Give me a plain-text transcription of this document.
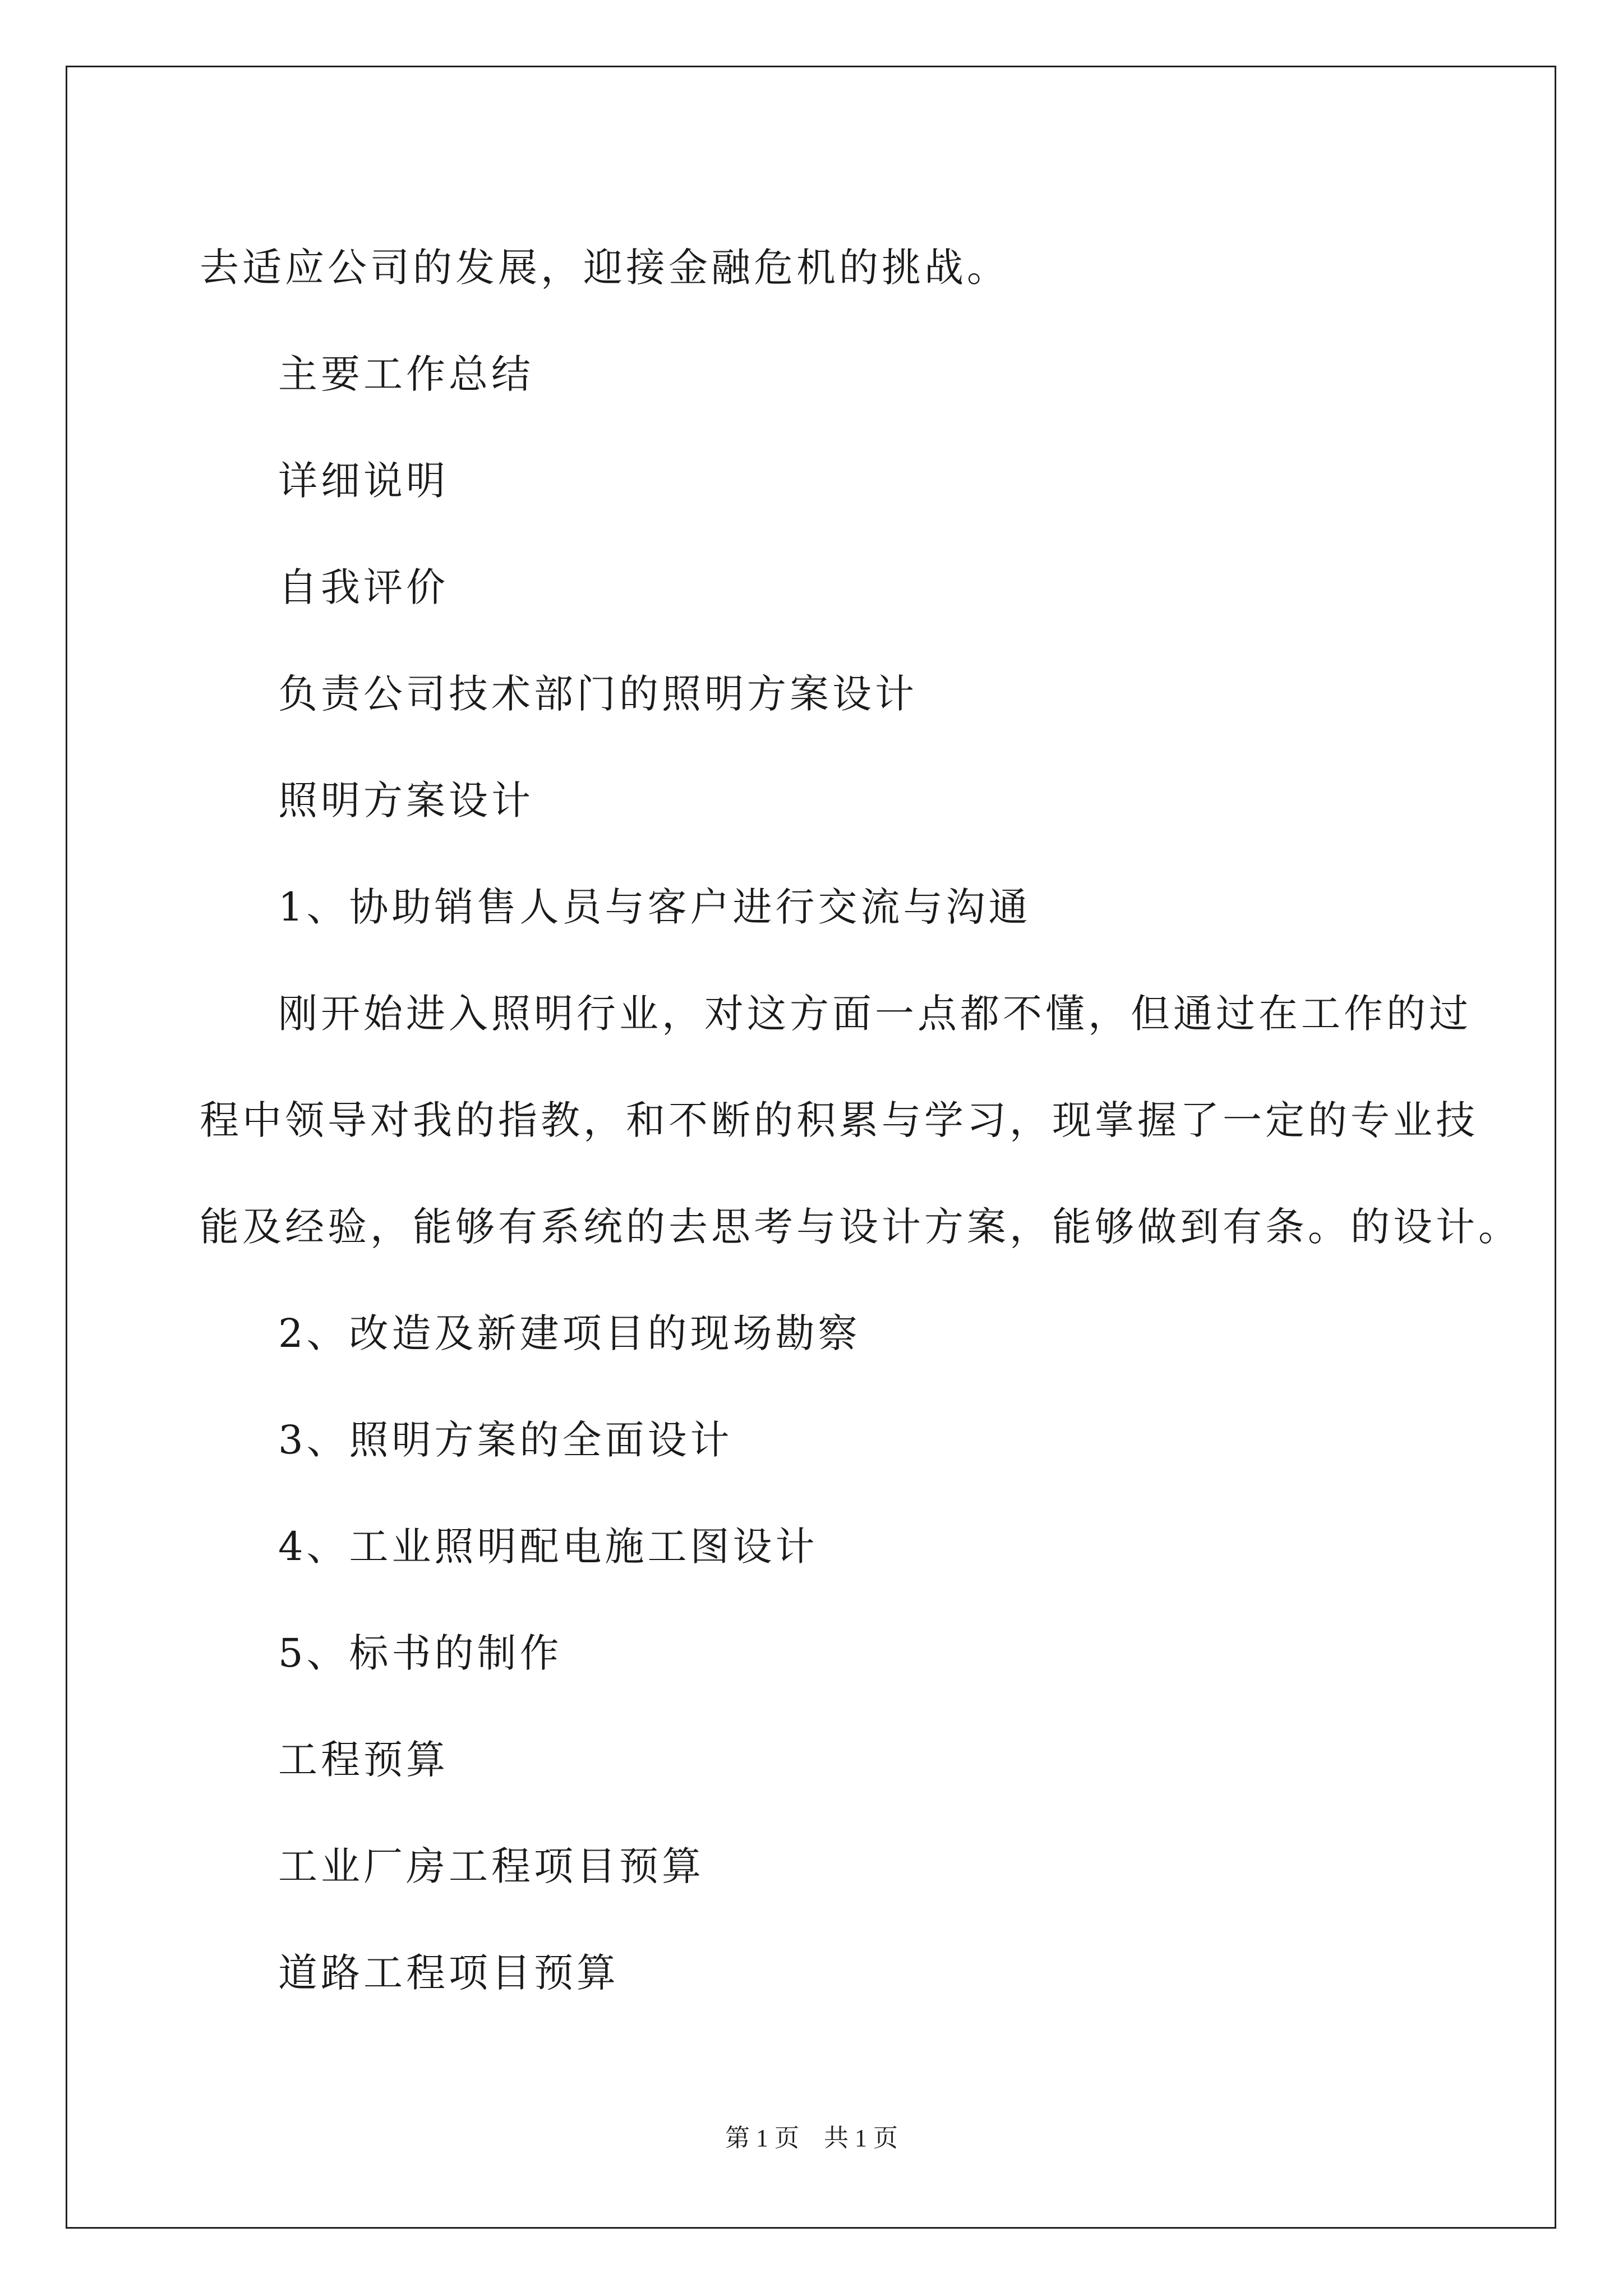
去适应公司的发展，迎接金融危机的挑战。
主要工作总结
详细说明
自我评价
负责公司技术部门的照明方案设计
照明方案设计
1、协助销售人员与客户进行交流与沟通
刚开始进入照明行业，对这方面一点都不懂，但通过在工作的过
程中领导对我的指教，和不断的积累与学习，现掌握了一定的专业技
能及经验，能够有系统的去思考与设计方案，能够做到有条。的设计。
2、改造及新建项目的现场勘察
3、照明方案的全面设计
4、工业照明配电施工图设计
5、标书的制作
工程预算
工业厂房工程项目预算
道路工程项目预算
第 1 页    共 1 页
